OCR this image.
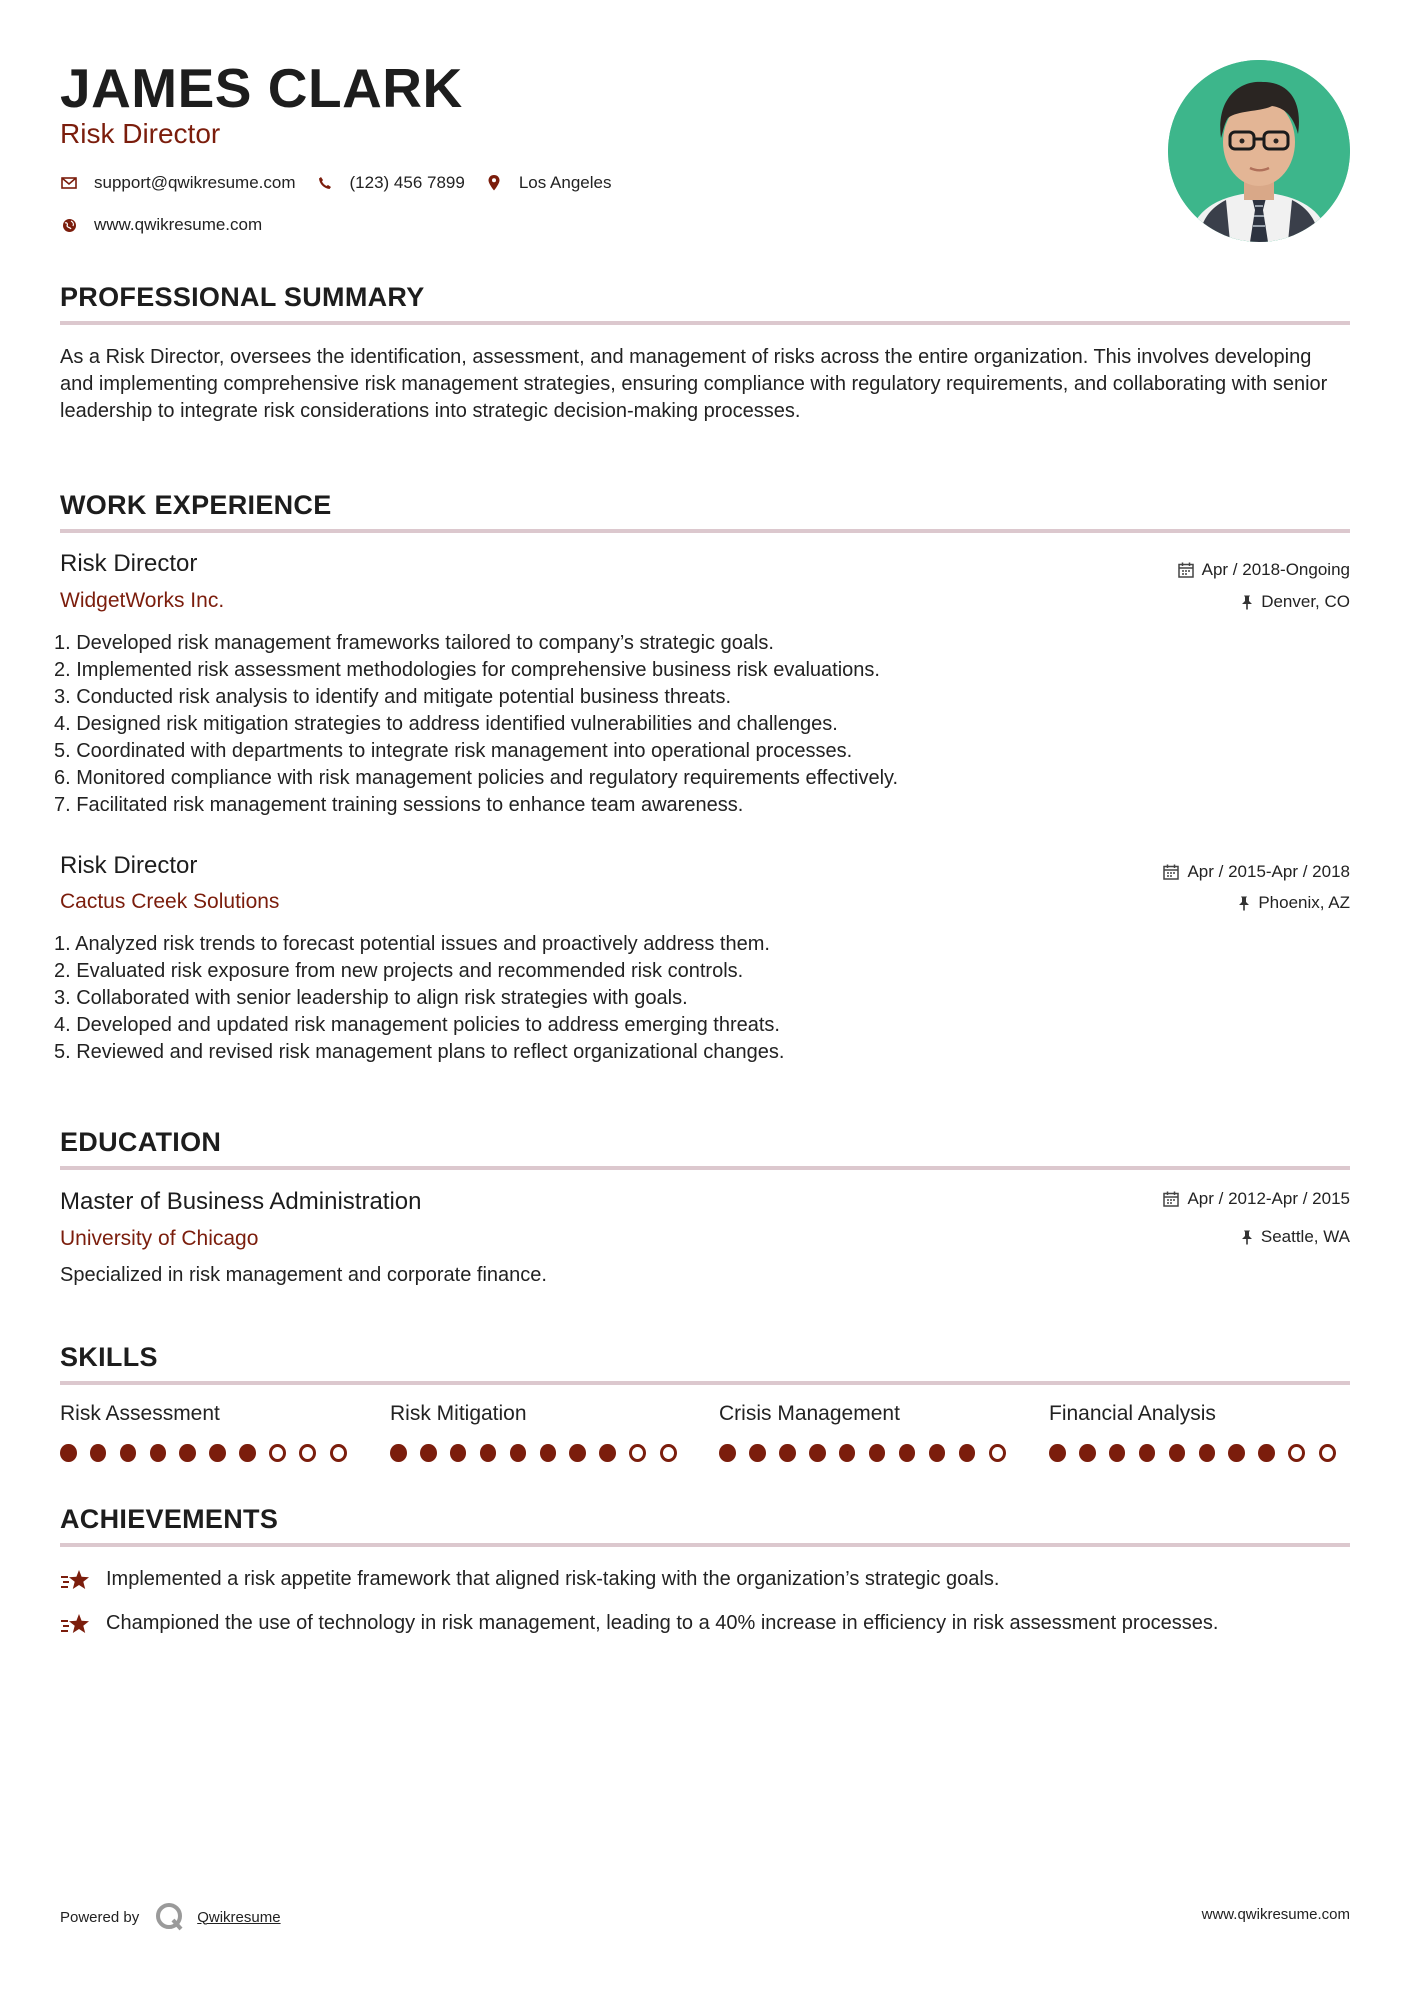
JAMES CLARK
Risk Director
support@qwikresume.com	(123) 456 7899	Los Angeles
www.qwikresume.com
PROFESSIONAL SUMMARY

As a Risk Director, oversees the identification, assessment, and management of risks across the entire organization. This involves developing and implementing comprehensive risk management strategies, ensuring compliance with regulatory requirements, and collaborating with senior leadership to integrate risk considerations into strategic decision-making processes.

WORK EXPERIENCE
Risk Director
WidgetWorks Inc.
Apr / 2018-Ongoing
Denver, CO
1. Developed risk management frameworks tailored to company’s strategic goals.
2. Implemented risk assessment methodologies for comprehensive business risk evaluations.
3. Conducted risk analysis to identify and mitigate potential business threats.
4. Designed risk mitigation strategies to address identified vulnerabilities and challenges.
5. Coordinated with departments to integrate risk management into operational processes.
6. Monitored compliance with risk management policies and regulatory requirements effectively.
7. Facilitated risk management training sessions to enhance team awareness.
Risk Director
Cactus Creek Solutions
Apr / 2015-Apr / 2018
Phoenix, AZ
1. Analyzed risk trends to forecast potential issues and proactively address them.
2. Evaluated risk exposure from new projects and recommended risk controls.
3. Collaborated with senior leadership to align risk strategies with goals.
4. Developed and updated risk management policies to address emerging threats.
5. Reviewed and revised risk management plans to reflect organizational changes.
EDUCATION
Master of Business Administration
University of Chicago
Apr / 2012-Apr / 2015
Seattle, WA

Specialized in risk management and corporate finance.

SKILLS
Risk Assessment	Risk Mitigation	Crisis Management	Financial Analysis
ACHIEVEMENTS
Implemented a risk appetite framework that aligned risk-taking with the organization’s strategic goals.
Championed the use of technology in risk management, leading to a 40% increase in efficiency in risk assessment processes.
Powered by	Qwikresume	www.qwikresume.com
